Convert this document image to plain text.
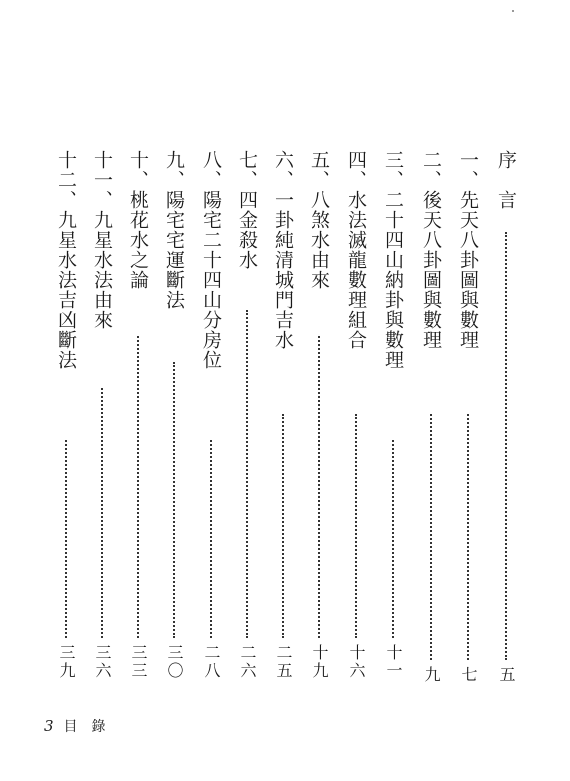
序　言
五
一、先天八卦圖與數理
七
二、後天八卦圖與數理
九
三、二十四山納卦與數理
十一
四、水法滅龍數理組合
十六
五、八煞水由來
十九
六、一卦純清城門吉水
二五
七、四金殺水
二六
八、陽宅二十四山分房位
二八
九、陽宅宅運斷法
三〇
十、桃花水之論
三三
十一、九星水法由來
三六
十二、九星水法吉凶斷法
三九
3 目　錄
